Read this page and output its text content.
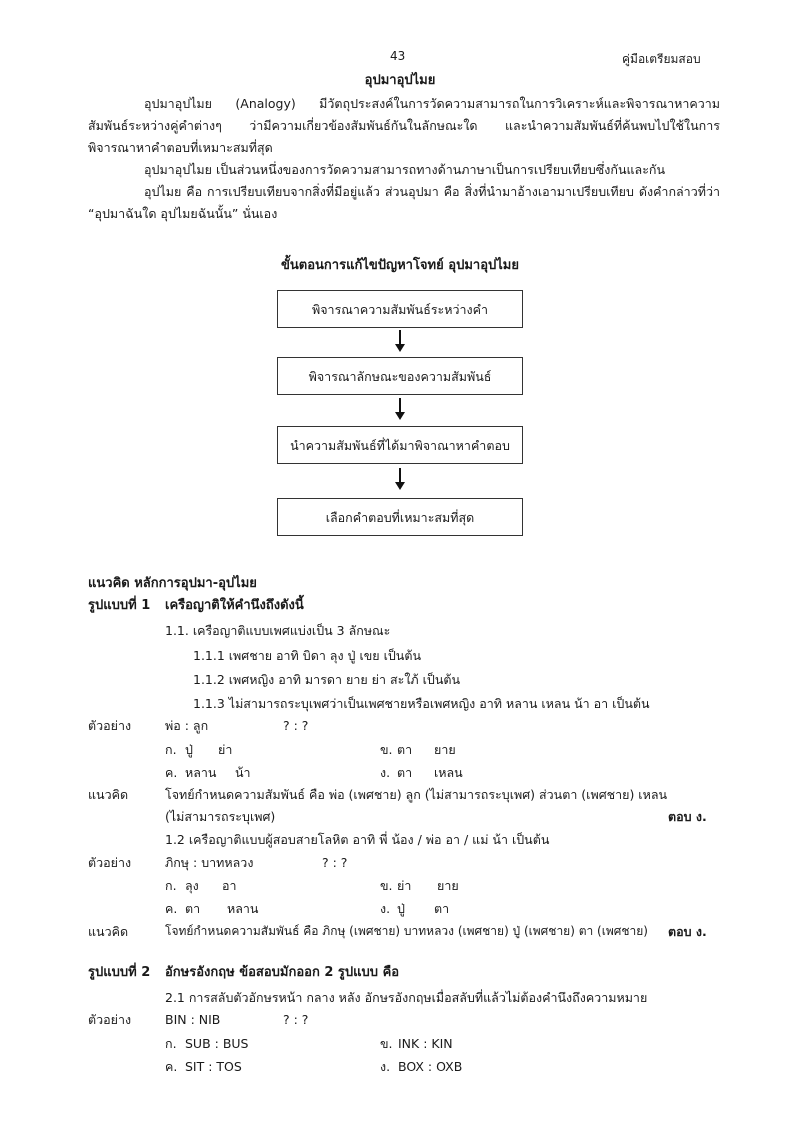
43	คู่มือเตรียมสอบ
อุปมาอุปไมย

อุปมาอุปไมย (Analogy) มีวัตถุประสงค์ในการวัดความสามารถในการวิเคราะห์และพิจารณาหาความสัมพันธ์ระหว่างคู่คำต่างๆ ว่ามีความเกี่ยวข้องสัมพันธ์กันในลักษณะใด และนำความสัมพันธ์ที่ค้นพบไปใช้ในการพิจารณาหาคำตอบที่เหมาะสมที่สุด

อุปมาอุปไมย เป็นส่วนหนึ่งของการวัดความสามารถทางด้านภาษาเป็นการเปรียบเทียบซึ่งกันและกัน

อุปไมย คือ การเปรียบเทียบจากสิ่งที่มีอยู่แล้ว ส่วนอุปมา คือ สิ่งที่นำมาอ้างเอามาเปรียบเทียบ ดังคำกล่าวที่ว่า “อุปมาฉันใด อุปไมยฉันนั้น” นั่นเอง

ขั้นตอนการแก้ไขปัญหาโจทย์ อุปมาอุปไมย
พิจารณาความสัมพันธ์ระหว่างคำ
พิจารณาลักษณะของความสัมพันธ์
นำความสัมพันธ์ที่ได้มาพิจาณาหาคำตอบ
เลือกคำตอบที่เหมาะสมที่สุด
แนวคิด หลักการอุปมา-อุปไมย
รูปแบบที่ 1 เครือญาติให้คำนึงถึงดังนี้
1.1. เครือญาติแบบเพศแบ่งเป็น 3 ลักษณะ
1.1.1 เพศชาย อาทิ บิดา ลุง ปู่ เขย เป็นต้น
1.1.2 เพศหญิง อาทิ มารดา ยาย ย่า สะใภ้ เป็นต้น
1.1.3 ไม่สามารถระบุเพศว่าเป็นเพศชายหรือเพศหญิง อาทิ หลาน เหลน น้า อา เป็นต้น
ตัวอย่าง	พ่อ : ลูก	? : ?
ก. ปู่ ย่า	ข. ตา ยาย
ค. หลาน น้า	ง. ตา เหลน
แนวคิด	โจทย์กำหนดความสัมพันธ์ คือ พ่อ (เพศชาย) ลูก (ไม่สามารถระบุเพศ) ส่วนตา (เพศชาย) เหลน
(ไม่สามารถระบุเพศ)	ตอบ ง.
1.2 เครือญาติแบบผู้สอบสายโลหิต อาทิ พี่ น้อง / พ่อ อา / แม่ น้า เป็นต้น
ตัวอย่าง	ภิกษุ : บาทหลวง	? : ?
ก. ลุง อา	ข. ย่า ยาย
ค. ตา หลาน	ง. ปู่ ตา
แนวคิด	โจทย์กำหนดความสัมพันธ์ คือ ภิกษุ (เพศชาย) บาทหลวง (เพศชาย) ปู่ (เพศชาย) ตา (เพศชาย) ตอบ ง.
รูปแบบที่ 2 อักษรอังกฤษ ข้อสอบมักออก 2 รูปแบบ คือ
2.1 การสลับตัวอักษรหน้า กลาง หลัง อักษรอังกฤษเมื่อสลับที่แล้วไม่ต้องคำนึงถึงความหมาย
ตัวอย่าง	BIN : NIB	? : ?
ก. SUB : BUS	ข. INK : KIN
ค. SIT : TOS	ง. BOX : OXB
